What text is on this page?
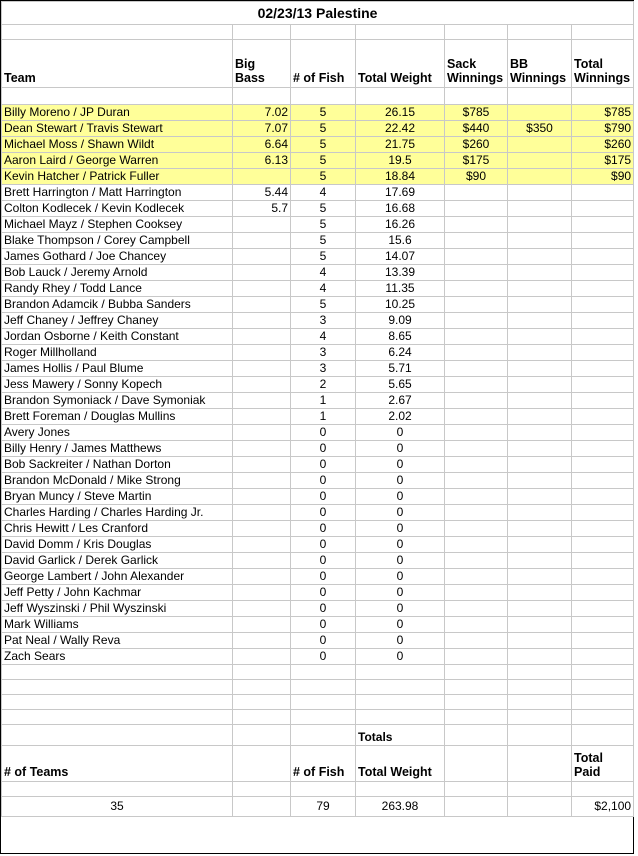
02/23/13 Palestine						

Team	Big Bass	# of Fish	Total Weight	Sack Winnings	BB Winnings	Total Winnings

Billy Moreno / JP Duran	7.02	5	26.15	$785		$785
Dean Stewart / Travis Stewart	7.07	5	22.42	$440	$350	$790
Michael Moss / Shawn Wildt	6.64	5	21.75	$260		$260
Aaron Laird / George Warren	6.13	5	19.5	$175		$175
Kevin Hatcher / Patrick Fuller		5	18.84	$90		$90
Brett Harrington / Matt Harrington	5.44	4	17.69			
Colton Kodlecek / Kevin Kodlecek	5.7	5	16.68			
Michael Mayz / Stephen Cooksey		5	16.26			
Blake Thompson / Corey Campbell		5	15.6			
James Gothard / Joe Chancey		5	14.07			
Bob Lauck / Jeremy Arnold		4	13.39			
Randy Rhey / Todd Lance		4	11.35			
Brandon Adamcik / Bubba Sanders		5	10.25			
Jeff Chaney / Jeffrey Chaney		3	9.09			
Jordan Osborne / Keith Constant		4	8.65			
Roger Millholland		3	6.24			
James Hollis / Paul Blume		3	5.71			
Jess Mawery / Sonny Kopech		2	5.65			
Brandon Symoniack / Dave Symoniak		1	2.67			
Brett Foreman / Douglas Mullins		1	2.02			
Avery Jones		0	0			
Billy Henry / James Matthews		0	0			
Bob Sackreiter / Nathan Dorton		0	0			
Brandon McDonald / Mike Strong		0	0			
Bryan Muncy / Steve Martin		0	0			
Charles Harding / Charles Harding Jr.		0	0			
Chris Hewitt / Les Cranford		0	0			
David Domm / Kris Douglas		0	0			
David Garlick / Derek Garlick		0	0			
George Lambert / John Alexander		0	0			
Jeff Petty / John Kachmar		0	0			
Jeff Wyszinski / Phil Wyszinski		0	0			
Mark Williams		0	0			
Pat Neal / Wally Reva		0	0			
Zach Sears		0	0			

			Totals			
# of Teams		# of Fish	Total Weight			Total Paid

35		79	263.98			$2,100
